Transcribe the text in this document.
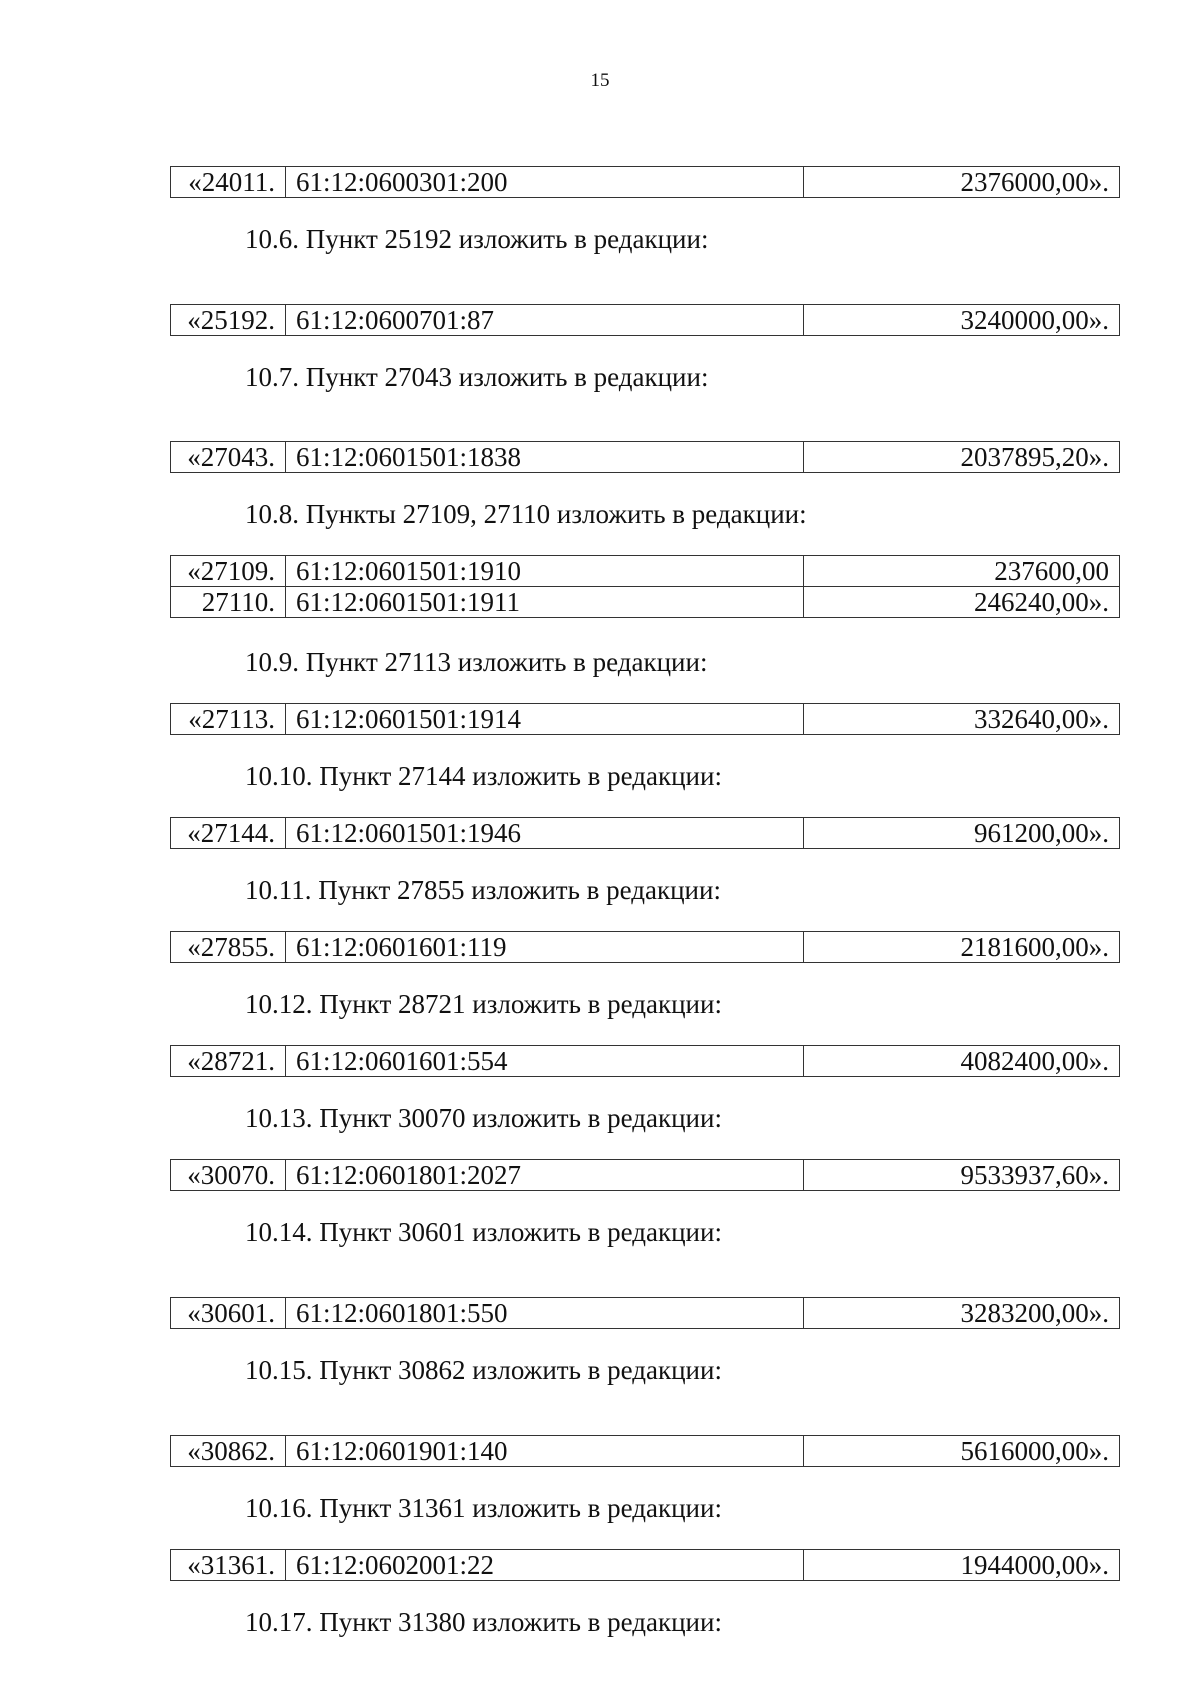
15
«24011.	61:12:0600301:200	2376000,00».
10.6. Пункт 25192 изложить в редакции:
«25192.	61:12:0600701:87	3240000,00».
10.7. Пункт 27043 изложить в редакции:
«27043.	61:12:0601501:1838	2037895,20».
10.8. Пункты 27109, 27110 изложить в редакции:
«27109.	61:12:0601501:1910	237600,00
27110.	61:12:0601501:1911	246240,00».
10.9. Пункт 27113 изложить в редакции:
«27113.	61:12:0601501:1914	332640,00».
10.10. Пункт 27144 изложить в редакции:
«27144.	61:12:0601501:1946	961200,00».
10.11. Пункт 27855 изложить в редакции:
«27855.	61:12:0601601:119	2181600,00».
10.12. Пункт 28721 изложить в редакции:
«28721.	61:12:0601601:554	4082400,00».
10.13. Пункт 30070 изложить в редакции:
«30070.	61:12:0601801:2027	9533937,60».
10.14. Пункт 30601 изложить в редакции:
«30601.	61:12:0601801:550	3283200,00».
10.15. Пункт 30862 изложить в редакции:
«30862.	61:12:0601901:140	5616000,00».
10.16. Пункт 31361 изложить в редакции:
«31361.	61:12:0602001:22	1944000,00».
10.17. Пункт 31380 изложить в редакции:
